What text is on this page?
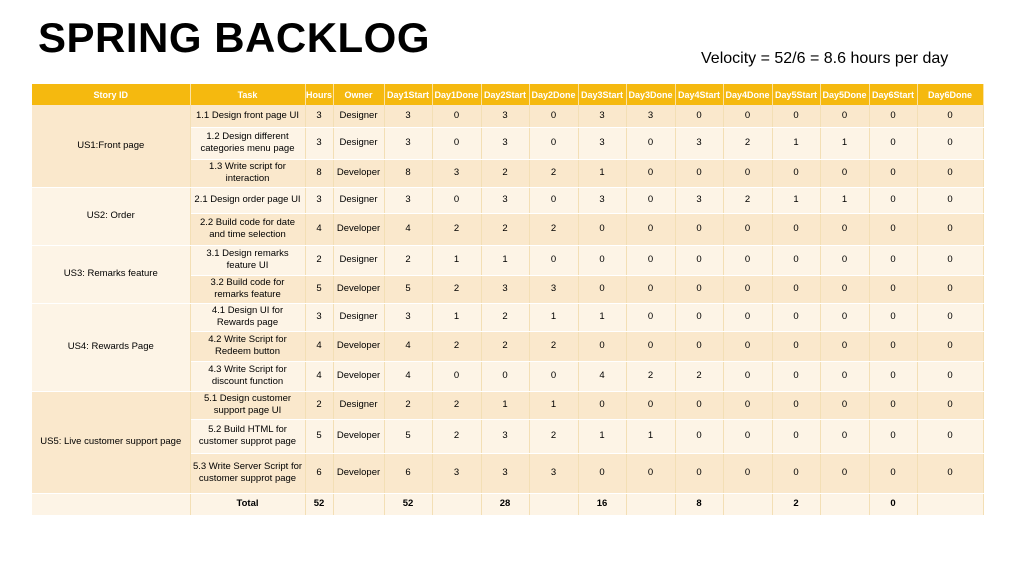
SPRING BACKLOG	Velocity = 52/6 = 8.6 hours per day
Story ID	Task	Hours	Owner	Day1Start	Day1Done	Day2Start	Day2Done	Day3Start	Day3Done	Day4Start	Day4Done	Day5Start	Day5Done	Day6Start	Day6Done
US1:Front page	1.1 Design front page UI	3	Designer	3	0	3	0	3	3	0	0	0	0	0	0
	1.2 Design different categories menu page	3	Designer	3	0	3	0	3	0	3	2	1	1	0	0
	1.3 Write script for interaction	8	Developer	8	3	2	2	1	0	0	0	0	0	0	0
US2: Order	2.1 Design order page UI	3	Designer	3	0	3	0	3	0	3	2	1	1	0	0
	2.2 Build code for date and time selection	4	Developer	4	2	2	2	0	0	0	0	0	0	0	0
US3: Remarks feature	3.1 Design remarks feature UI	2	Designer	2	1	1	0	0	0	0	0	0	0	0	0
	3.2 Build code for remarks feature	5	Developer	5	2	3	3	0	0	0	0	0	0	0	0
US4: Rewards Page	4.1 Design UI for Rewards page	3	Designer	3	1	2	1	1	0	0	0	0	0	0	0
	4.2 Write Script for Redeem button	4	Developer	4	2	2	2	0	0	0	0	0	0	0	0
	4.3 Write Script for discount function	4	Developer	4	0	0	0	4	2	2	0	0	0	0	0
US5: Live customer support page	5.1 Design customer support page UI	2	Designer	2	2	1	1	0	0	0	0	0	0	0	0
	5.2 Build HTML for customer supprot page	5	Developer	5	2	3	2	1	1	0	0	0	0	0	0
	5.3 Write Server Script for customer supprot page	6	Developer	6	3	3	3	0	0	0	0	0	0	0	0
	Total	52		52		28		16		8		2		0	
